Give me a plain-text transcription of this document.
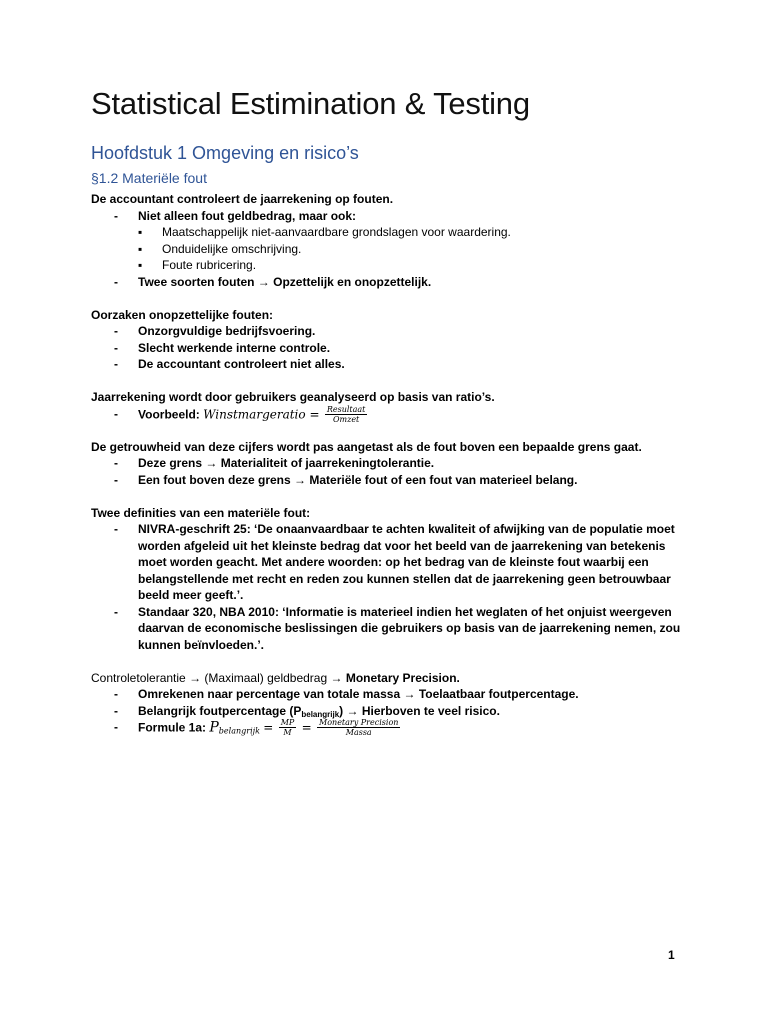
Statistical Estimination & Testing
Hoofdstuk 1 Omgeving en risico’s
§1.2 Materiële fout
De accountant controleert de jaarrekening op fouten.
- Niet alleen fout geldbedrag, maar ook:
▪ Maatschappelijk niet-aanvaardbare grondslagen voor waardering.
▪ Onduidelijke omschrijving.
▪ Foute rubricering.
- Twee soorten fouten → Opzettelijk en onopzettelijk.
Oorzaken onopzettelijke fouten:
- Onzorgvuldige bedrijfsvoering.
- Slecht werkende interne controle.
- De accountant controleert niet alles.
Jaarrekening wordt door gebruikers geanalyseerd op basis van ratio’s.
- Voorbeeld: Winstmargeratio = $\frac{\text{Resultaat}}{\text{Omzet}}$
De getrouwheid van deze cijfers wordt pas aangetast als de fout boven een bepaalde grens gaat.
- Deze grens → Materialiteit of jaarrekeningtolerantie.
- Een fout boven deze grens → Materiële fout of een fout van materieel belang.
Twee definities van een materiële fout:
- NIVRA-geschrift 25: ‘De onaanvaardbaar te achten kwaliteit of afwijking van de populatie moet worden afgeleid uit het kleinste bedrag dat voor het beeld van de jaarrekening van betekenis moet worden geacht. Met andere woorden: op het bedrag van de kleinste fout waarbij een belangstellende met recht en reden zou kunnen stellen dat de jaarrekening geen betrouwbaar beeld meer geeft.’.
- Standaar 320, NBA 2010: ‘Informatie is materieel indien het weglaten of het onjuist weergeven daarvan de economische beslissingen die gebruikers op basis van de jaarrekening nemen, zou kunnen beïnvloeden.’.
Controletolerantie → (Maximaal) geldbedrag → Monetary Precision.
- Omrekenen naar percentage van totale massa → Toelaatbaar foutpercentage.
- Belangrijk foutpercentage $(P_{belangrijk})$ → Hierboven te veel risico.
- Formule 1a: $P_{belangrijk} = \frac{MP}{M} = \frac{\text{Monetary Precision}}{\text{Massa}}$
1
